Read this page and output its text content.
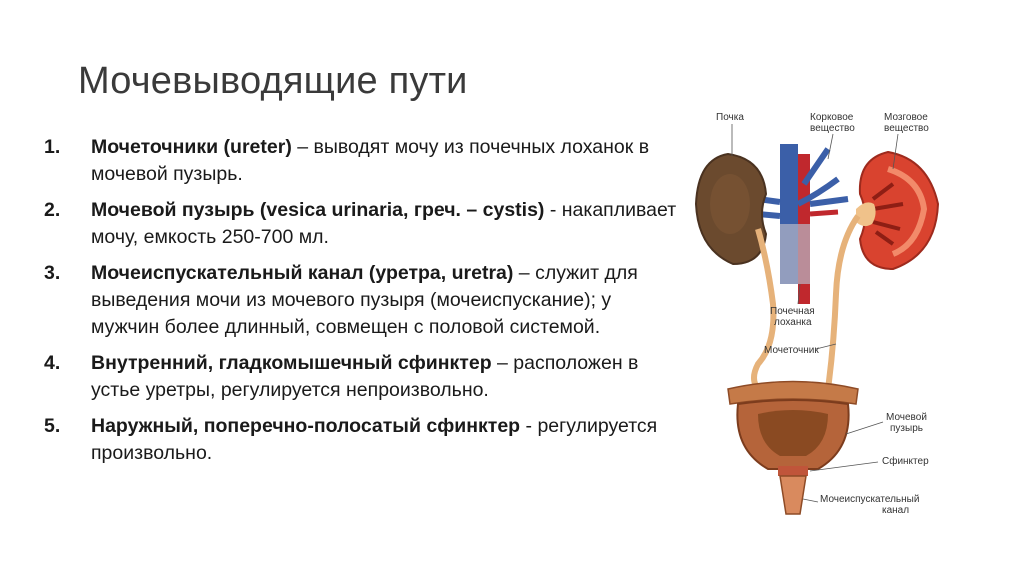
Мочевыводящие пути
1. Мочеточники (ureter) – выводят мочу из почечных лоханок в мочевой пузырь.
2. Мочевой пузырь (vesica urinaria, греч. – cystis) - накапливает мочу, емкость 250-700 мл.
3. Мочеиспускательный канал (уретра, uretra) – служит для выведения мочи из мочевого пузыря (мочеиспускание); у мужчин более длинный, совмещен с половой системой.
4. Внутренний, гладкомышечный сфинктер – расположен в устье уретры, регулируется непроизвольно.
5. Наружный, поперечно-полосатый сфинктер - регулируется произвольно.
Почка	Корковое
вещество
Мозговое
вещество
Почечная
лоханка
Мочеточник
Мочевой
пузырь
Сфинктер
Мочеиспускательный
канал
